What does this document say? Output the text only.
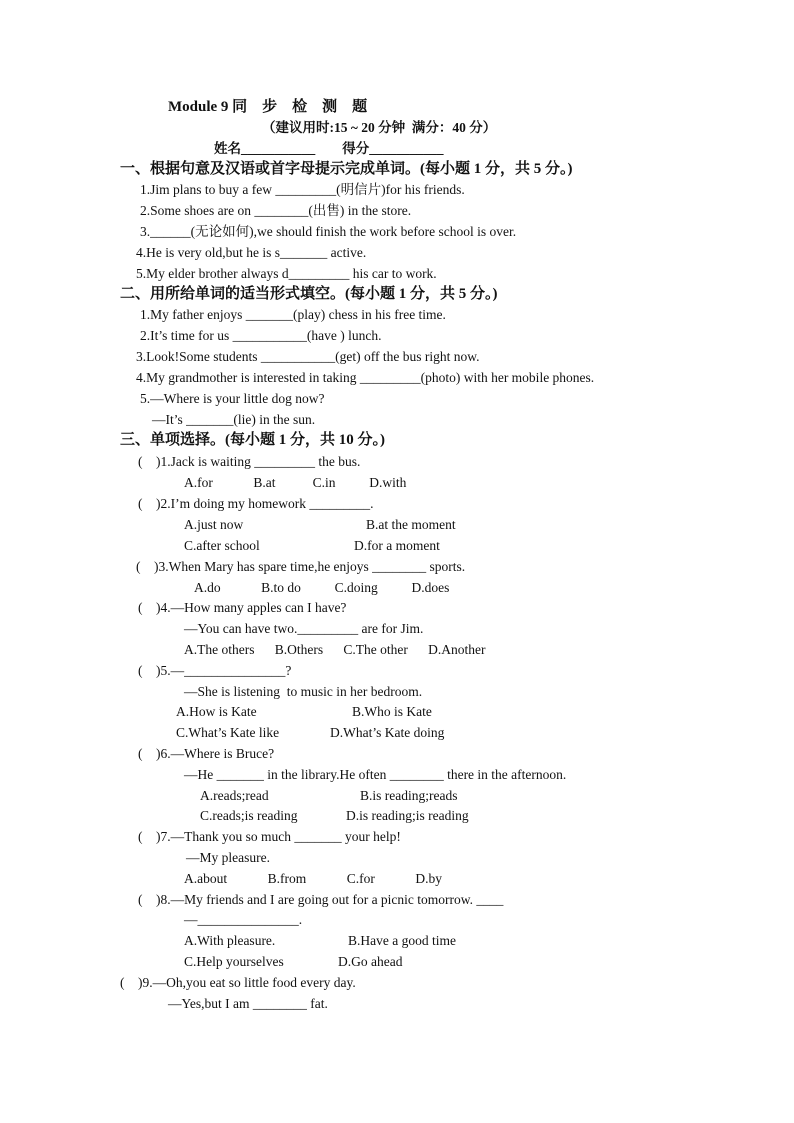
Module 9 同　步　检　测　题
（建议用时:15 ~ 20 分钟  满分：40 分）
姓名___________　　得分___________
一、根据句意及汉语或首字母提示完成单词。(每小题 1 分，共 5 分。)
1.Jim plans to buy a few _________(明信片)for his friends.
2.Some shoes are on ________(出售) in the store.
3.______(无论如何),we should finish the work before school is over.
4.He is very old,but he is s_______ active.
5.My elder brother always d_________ his car to work.
二、用所给单词的适当形式填空。(每小题 1 分，共 5 分。)
1.My father enjoys _______(play) chess in his free time.
2.It’s time for us ___________(have ) lunch.
3.Look!Some students ___________(get) off the bus right now.
4.My grandmother is interested in taking _________(photo) with her mobile phones.
5.—Where is your little dog now?
—It’s _______(lie) in the sun.
三、单项选择。(每小题 1 分，共 10 分。)
(    )1.Jack is waiting _________ the bus.
A.for            B.at           C.in          D.with
(    )2.I’m doing my homework _________.
A.just now	B.at the moment
C.after school	D.for a moment
(    )3.When Mary has spare time,he enjoys ________ sports.
A.do            B.to do          C.doing          D.does
(    )4.—How many apples can I have?
—You can have two._________ are for Jim.
A.The others      B.Others      C.The other      D.Another
(    )5.—_______________?
—She is listening  to music in her bedroom.
A.How is Kate	B.Who is Kate
C.What’s Kate like	D.What’s Kate doing
(    )6.—Where is Bruce?
—He _______ in the library.He often ________ there in the afternoon.
A.reads;read	B.is reading;reads
C.reads;is reading	D.is reading;is reading
(    )7.—Thank you so much _______ your help!
—My pleasure.
A.about            B.from            C.for            D.by
(    )8.—My friends and I are going out for a picnic tomorrow. ____
—_______________.
A.With pleasure.	B.Have a good time
C.Help yourselves	D.Go ahead
(    )9.—Oh,you eat so little food every day.
—Yes,but I am ________ fat.
